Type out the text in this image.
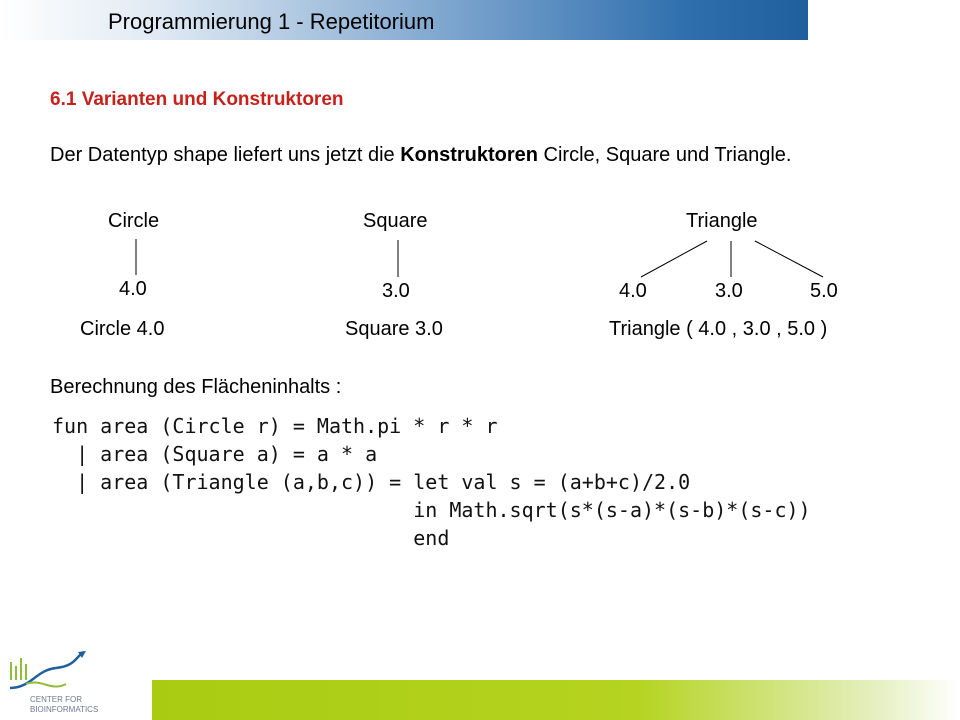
Programmierung 1 - Repetitorium
6.1 Varianten und Konstruktoren
Der Datentyp shape liefert uns jetzt die Konstruktoren Circle, Square und Triangle.
Circle
4.0
Circle 4.0
Square
3.0
Square 3.0
Triangle
4.0	3.0	5.0
Triangle ( 4.0 , 3.0 , 5.0 )
Berechnung des Flächeninhalts :
fun area (Circle r) = Math.pi * r * r
| area (Square a) = a * a
| area (Triangle (a,b,c)) = let val s = (a+b+c)/2.0
in Math.sqrt(s*(s-a)*(s-b)*(s-c))
end
CENTER FOR
BIOINFORMATICS
